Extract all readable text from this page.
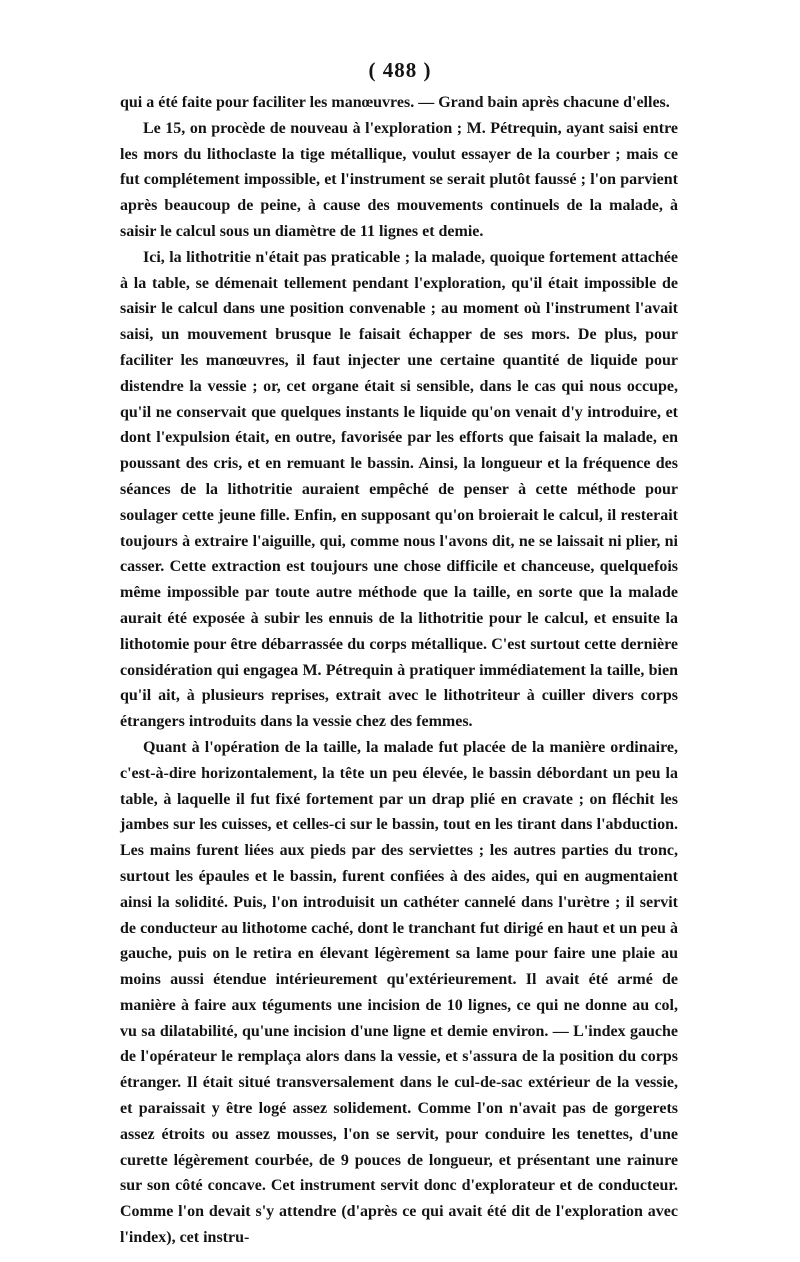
( 488 )

qui a été faite pour faciliter les manœuvres. — Grand bain après chacune d'elles.

Le 15, on procède de nouveau à l'exploration ; M. Pétrequin, ayant saisi entre les mors du lithoclaste la tige métallique, voulut essayer de la courber ; mais ce fut complétement impossible, et l'instrument se serait plutôt faussé ; l'on parvient après beaucoup de peine, à cause des mouvements continuels de la malade, à saisir le calcul sous un diamètre de 11 lignes et demie.

Ici, la lithotritie n'était pas praticable ; la malade, quoique fortement attachée à la table, se démenait tellement pendant l'exploration, qu'il était impossible de saisir le calcul dans une position convenable ; au moment où l'instrument l'avait saisi, un mouvement brusque le faisait échapper de ses mors. De plus, pour faciliter les manœuvres, il faut injecter une certaine quantité de liquide pour distendre la vessie ; or, cet organe était si sensible, dans le cas qui nous occupe, qu'il ne conservait que quelques instants le liquide qu'on venait d'y introduire, et dont l'expulsion était, en outre, favorisée par les efforts que faisait la malade, en poussant des cris, et en remuant le bassin. Ainsi, la longueur et la fréquence des séances de la lithotritie auraient empêché de penser à cette méthode pour soulager cette jeune fille. Enfin, en supposant qu'on broierait le calcul, il resterait toujours à extraire l'aiguille, qui, comme nous l'avons dit, ne se laissait ni plier, ni casser. Cette extraction est toujours une chose difficile et chanceuse, quelquefois même impossible par toute autre méthode que la taille, en sorte que la malade aurait été exposée à subir les ennuis de la lithotritie pour le calcul, et ensuite la lithotomie pour être débarrassée du corps métallique. C'est surtout cette dernière considération qui engagea M. Pétrequin à pratiquer immédiatement la taille, bien qu'il ait, à plusieurs reprises, extrait avec le lithotriteur à cuiller divers corps étrangers introduits dans la vessie chez des femmes.

Quant à l'opération de la taille, la malade fut placée de la manière ordinaire, c'est-à-dire horizontalement, la tête un peu élevée, le bassin débordant un peu la table, à laquelle il fut fixé fortement par un drap plié en cravate ; on fléchit les jambes sur les cuisses, et celles-ci sur le bassin, tout en les tirant dans l'abduction. Les mains furent liées aux pieds par des serviettes ; les autres parties du tronc, surtout les épaules et le bassin, furent confiées à des aides, qui en augmentaient ainsi la solidité. Puis, l'on introduisit un cathéter cannelé dans l'urètre ; il servit de conducteur au lithotome caché, dont le tranchant fut dirigé en haut et un peu à gauche, puis on le retira en élevant légèrement sa lame pour faire une plaie au moins aussi étendue intérieurement qu'extérieurement. Il avait été armé de manière à faire aux téguments une incision de 10 lignes, ce qui ne donne au col, vu sa dilatabilité, qu'une incision d'une ligne et demie environ. — L'index gauche de l'opérateur le remplaça alors dans la vessie, et s'assura de la position du corps étranger. Il était situé transversalement dans le cul-de-sac extérieur de la vessie, et paraissait y être logé assez solidement. Comme l'on n'avait pas de gorgerets assez étroits ou assez mousses, l'on se servit, pour conduire les tenettes, d'une curette légèrement courbée, de 9 pouces de longueur, et présentant une rainure sur son côté concave. Cet instrument servit donc d'explorateur et de conducteur. Comme l'on devait s'y attendre (d'après ce qui avait été dit de l'exploration avec l'index), cet instru-
